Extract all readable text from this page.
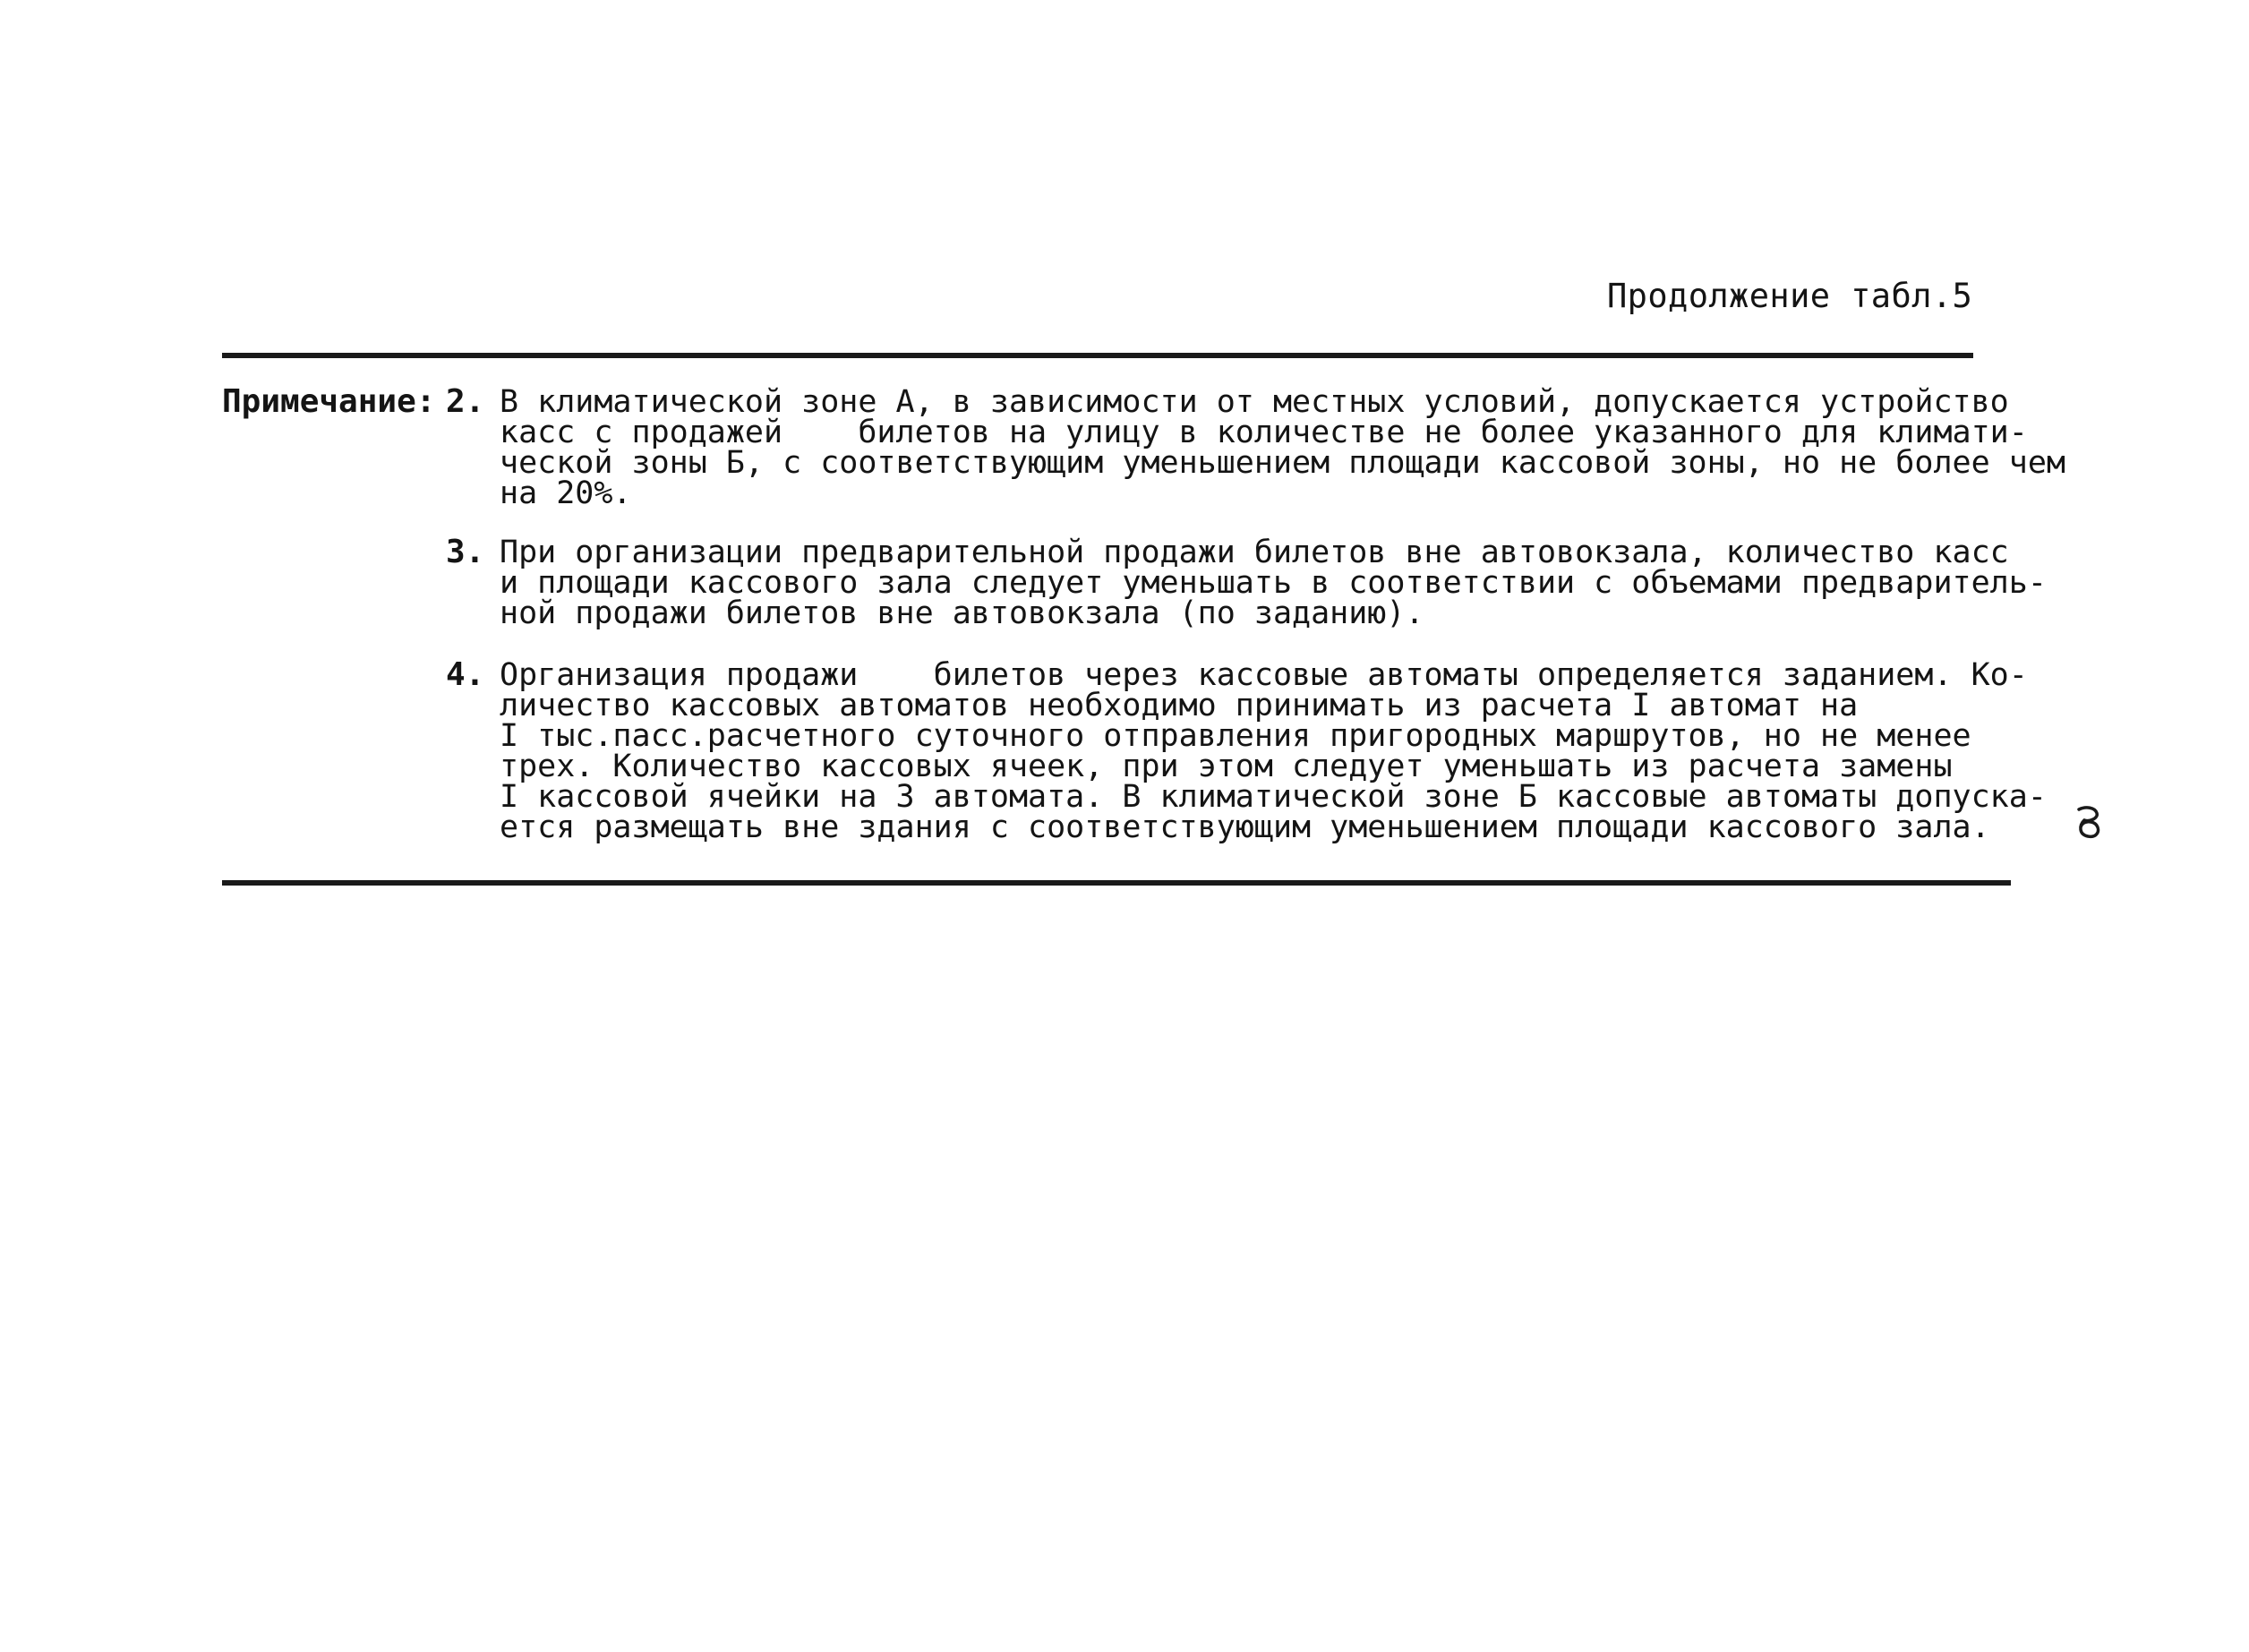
Продолжение табл.5
Примечание: 2. В климатической зоне А, в зависимости от местных условий, допускается устройство
касс с продажей    билетов на улицу в количестве не более указанного для климати-
ческой зоны Б, с соответствующим уменьшением площади кассовой зоны, но не более чем
на 20%.
3. При организации предварительной продажи билетов вне автовокзала, количество касс
и площади кассового зала следует уменьшать в соответствии с объемами предваритель-
ной продажи билетов вне автовокзала (по заданию).
4. Организация продажи    билетов через кассовые автоматы определяется заданием. Ко-
личество кассовых автоматов необходимо принимать из расчета I автомат на
I тыс.пасс.расчетного суточного отправления пригородных маршрутов, но не менее
трех. Количество кассовых ячеек, при этом следует уменьшать из расчета замены
I кассовой ячейки на 3 автомата. В климатической зоне Б кассовые автоматы допуска-
ется размещать вне здания с соответствующим уменьшением площади кассового зала.
